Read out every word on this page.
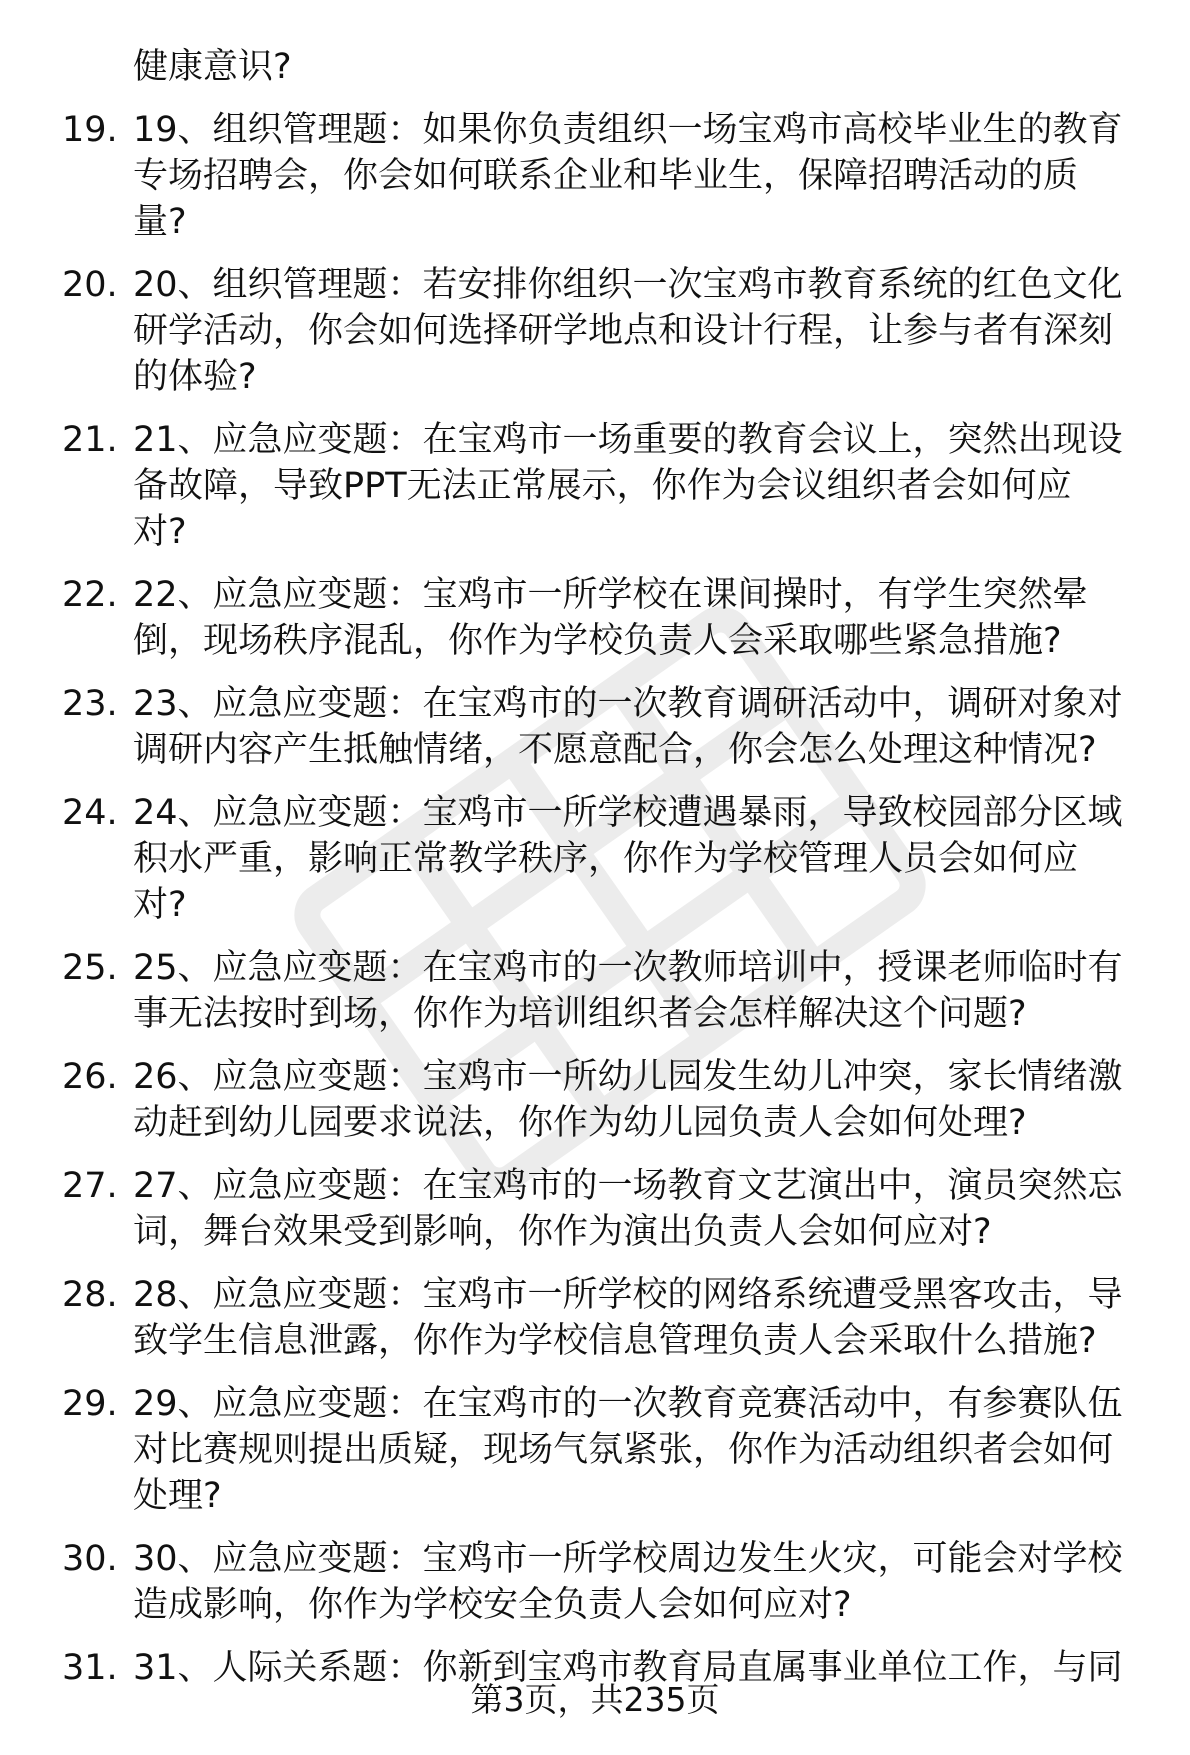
健康意识?
19. 19、组织管理题：如果你负责组织一场宝鸡市高校毕业生的教育
专场招聘会，你会如何联系企业和毕业生，保障招聘活动的质
量?
20. 20、组织管理题：若安排你组织一次宝鸡市教育系统的红色文化
研学活动，你会如何选择研学地点和设计行程，让参与者有深刻
的体验?
21. 21、应急应变题：在宝鸡市一场重要的教育会议上，突然出现设
备故障，导致PPT无法正常展示，你作为会议组织者会如何应
对?
22. 22、应急应变题：宝鸡市一所学校在课间操时，有学生突然晕
倒，现场秩序混乱，你作为学校负责人会采取哪些紧急措施?
23. 23、应急应变题：在宝鸡市的一次教育调研活动中，调研对象对
调研内容产生抵触情绪，不愿意配合，你会怎么处理这种情况?
24. 24、应急应变题：宝鸡市一所学校遭遇暴雨，导致校园部分区域
积水严重，影响正常教学秩序，你作为学校管理人员会如何应
对?
25. 25、应急应变题：在宝鸡市的一次教师培训中，授课老师临时有
事无法按时到场，你作为培训组织者会怎样解决这个问题?
26. 26、应急应变题：宝鸡市一所幼儿园发生幼儿冲突，家长情绪激
动赶到幼儿园要求说法，你作为幼儿园负责人会如何处理?
27. 27、应急应变题：在宝鸡市的一场教育文艺演出中，演员突然忘
词，舞台效果受到影响，你作为演出负责人会如何应对?
28. 28、应急应变题：宝鸡市一所学校的网络系统遭受黑客攻击，导
致学生信息泄露，你作为学校信息管理负责人会采取什么措施?
29. 29、应急应变题：在宝鸡市的一次教育竞赛活动中，有参赛队伍
对比赛规则提出质疑，现场气氛紧张，你作为活动组织者会如何
处理?
30. 30、应急应变题：宝鸡市一所学校周边发生火灾，可能会对学校
造成影响，你作为学校安全负责人会如何应对?
31. 31、人际关系题：你新到宝鸡市教育局直属事业单位工作，与同
第3页，共235页
